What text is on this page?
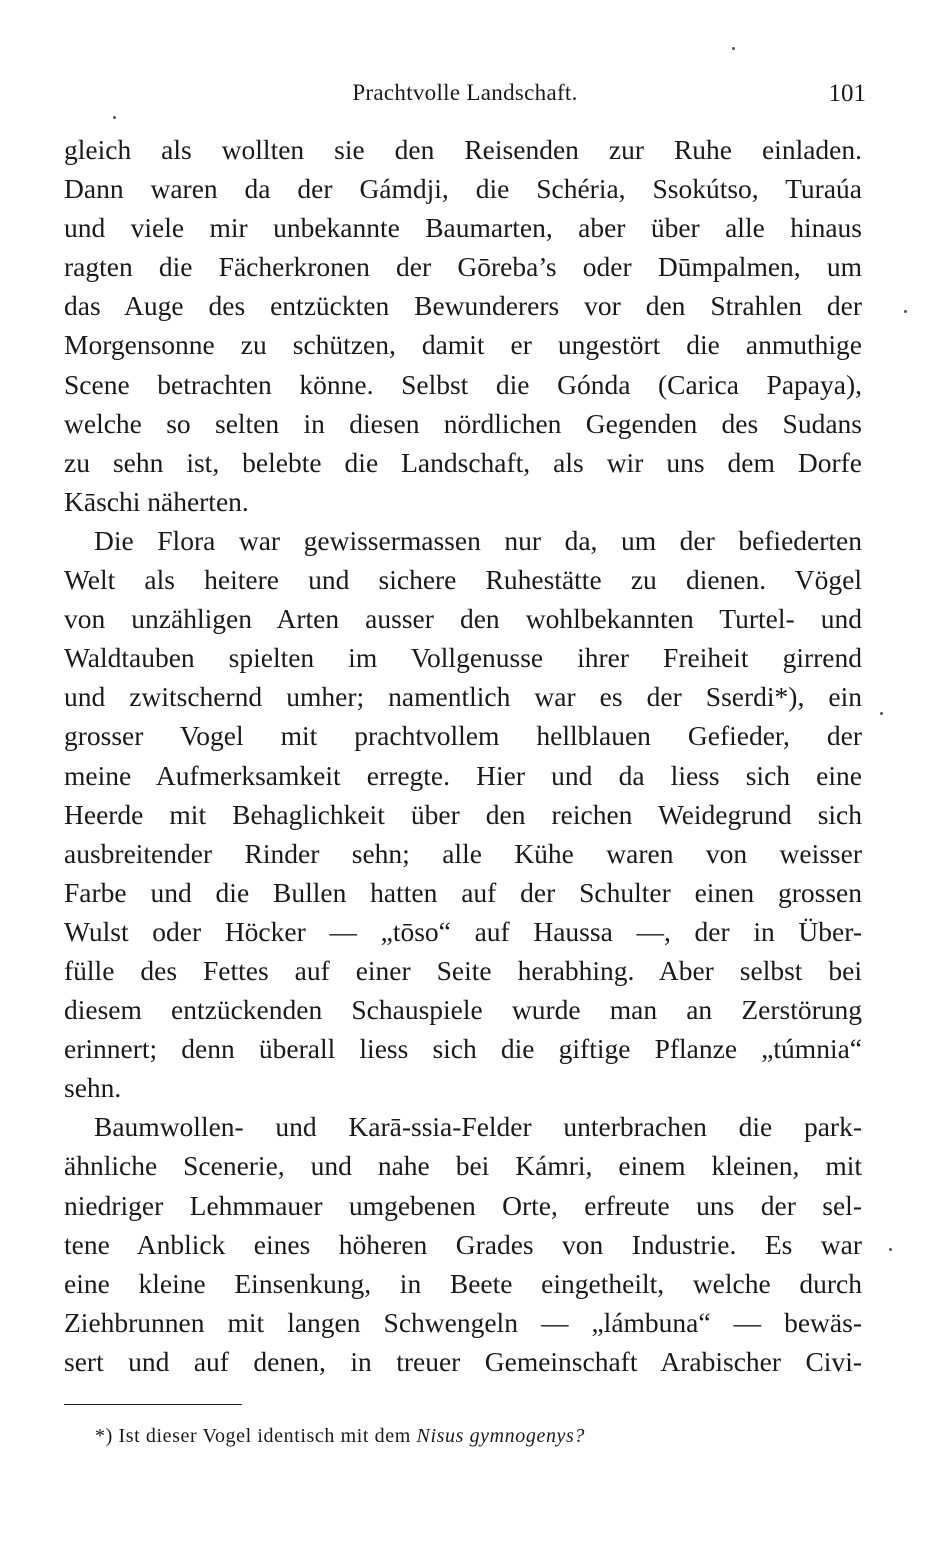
Prachtvolle Landschaft.	101
gleich als wollten sie den Reisenden zur Ruhe einladen.
Dann waren da der Gámdji, die Schéria, Ssokútso, Turaúa
und viele mir unbekannte Baumarten, aber über alle hinaus
ragten die Fächerkronen der Gōreba’s oder Dūmpalmen, um
das Auge des entzückten Bewunderers vor den Strahlen der
Morgensonne zu schützen, damit er ungestört die anmuthige
Scene betrachten könne. Selbst die Gónda (Carica Papaya),
welche so selten in diesen nördlichen Gegenden des Sudans
zu sehn ist, belebte die Landschaft, als wir uns dem Dorfe
Kāschi näherten.
Die Flora war gewissermassen nur da, um der befiederten
Welt als heitere und sichere Ruhestätte zu dienen. Vögel
von unzähligen Arten ausser den wohlbekannten Turtel- und
Waldtauben spielten im Vollgenusse ihrer Freiheit girrend
und zwitschernd umher; namentlich war es der Sserdi*), ein
grosser Vogel mit prachtvollem hellblauen Gefieder, der
meine Aufmerksamkeit erregte. Hier und da liess sich eine
Heerde mit Behaglichkeit über den reichen Weidegrund sich
ausbreitender Rinder sehn; alle Kühe waren von weisser
Farbe und die Bullen hatten auf der Schulter einen grossen
Wulst oder Höcker — „tōso“ auf Haussa —, der in Über-
fülle des Fettes auf einer Seite herabhing. Aber selbst bei
diesem entzückenden Schauspiele wurde man an Zerstörung
erinnert; denn überall liess sich die giftige Pflanze „túmnia“
sehn.
Baumwollen- und Karā-ssia-Felder unterbrachen die park-
ähnliche Scenerie, und nahe bei Kámri, einem kleinen, mit
niedriger Lehmmauer umgebenen Orte, erfreute uns der sel-
tene Anblick eines höheren Grades von Industrie. Es war
eine kleine Einsenkung, in Beete eingetheilt, welche durch
Ziehbrunnen mit langen Schwengeln — „lámbuna“ — bewäs-
sert und auf denen, in treuer Gemeinschaft Arabischer Civi-
*) Ist dieser Vogel identisch mit dem Nisus gymnogenys?
